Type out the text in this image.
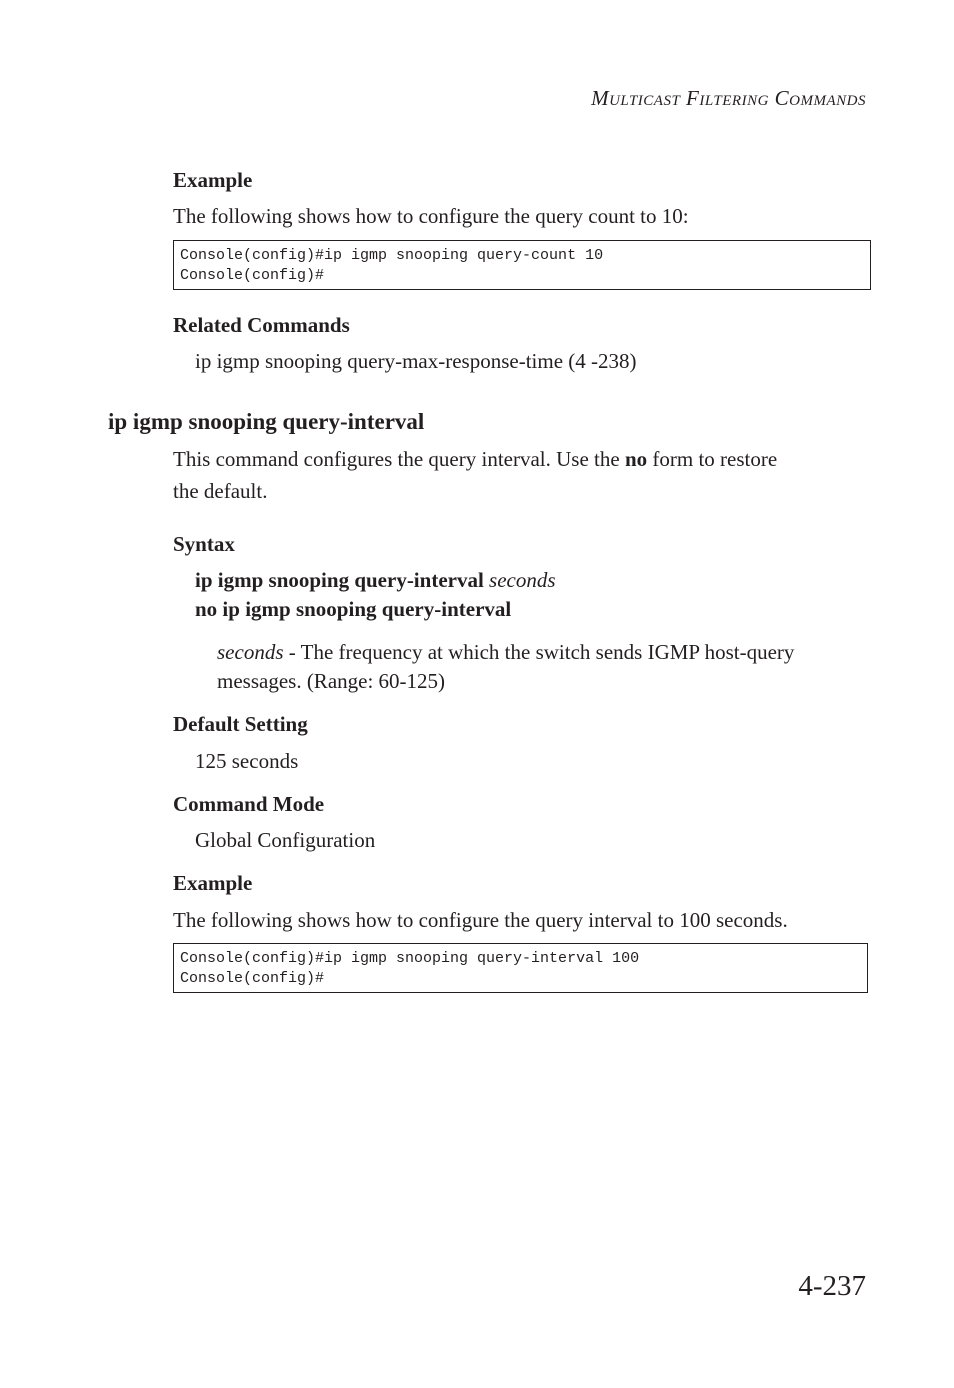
Multicast Filtering Commands
Example
The following shows how to configure the query count to 10:
Console(config)#ip igmp snooping query-count 10
Console(config)#
Related Commands
ip igmp snooping query-max-response-time (4 -238)
ip igmp snooping query-interval
This command configures the query interval. Use the no form to restore
the default.
Syntax
ip igmp snooping query-interval seconds
no ip igmp snooping query-interval
seconds - The frequency at which the switch sends IGMP host-query
messages. (Range: 60-125)
Default Setting
125 seconds
Command Mode
Global Configuration
Example
The following shows how to configure the query interval to 100 seconds.
Console(config)#ip igmp snooping query-interval 100
Console(config)#
4-237
